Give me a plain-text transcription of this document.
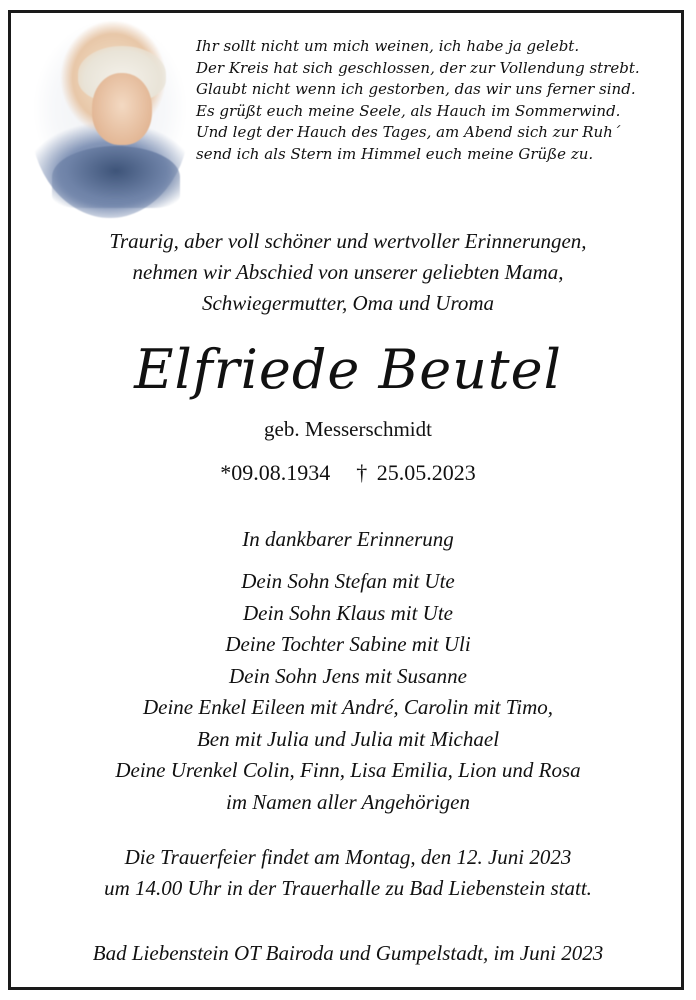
Ihr sollt nicht um mich weinen, ich habe ja gelebt.
Der Kreis hat sich geschlossen, der zur Vollendung strebt.
Glaubt nicht wenn ich gestorben, das wir uns ferner sind.
Es grüßt euch meine Seele, als Hauch im Sommerwind.
Und legt der Hauch des Tages, am Abend sich zur Ruh´
send ich als Stern im Himmel euch meine Grüße zu.
Traurig, aber voll schöner und wertvoller Erinnerungen,
nehmen wir Abschied von unserer geliebten Mama,
Schwiegermutter, Oma und Uroma
Elfriede Beutel
geb. Messerschmidt
*09.08.1934 † 25.05.2023
In dankbarer Erinnerung
Dein Sohn Stefan mit Ute
Dein Sohn Klaus mit Ute
Deine Tochter Sabine mit Uli
Dein Sohn Jens mit Susanne
Deine Enkel Eileen mit André, Carolin mit Timo,
Ben mit Julia und Julia mit Michael
Deine Urenkel Colin, Finn, Lisa Emilia, Lion und Rosa
im Namen aller Angehörigen
Die Trauerfeier findet am Montag, den 12. Juni 2023
um 14.00 Uhr in der Trauerhalle zu Bad Liebenstein statt.
Bad Liebenstein OT Bairoda und Gumpelstadt, im Juni 2023
